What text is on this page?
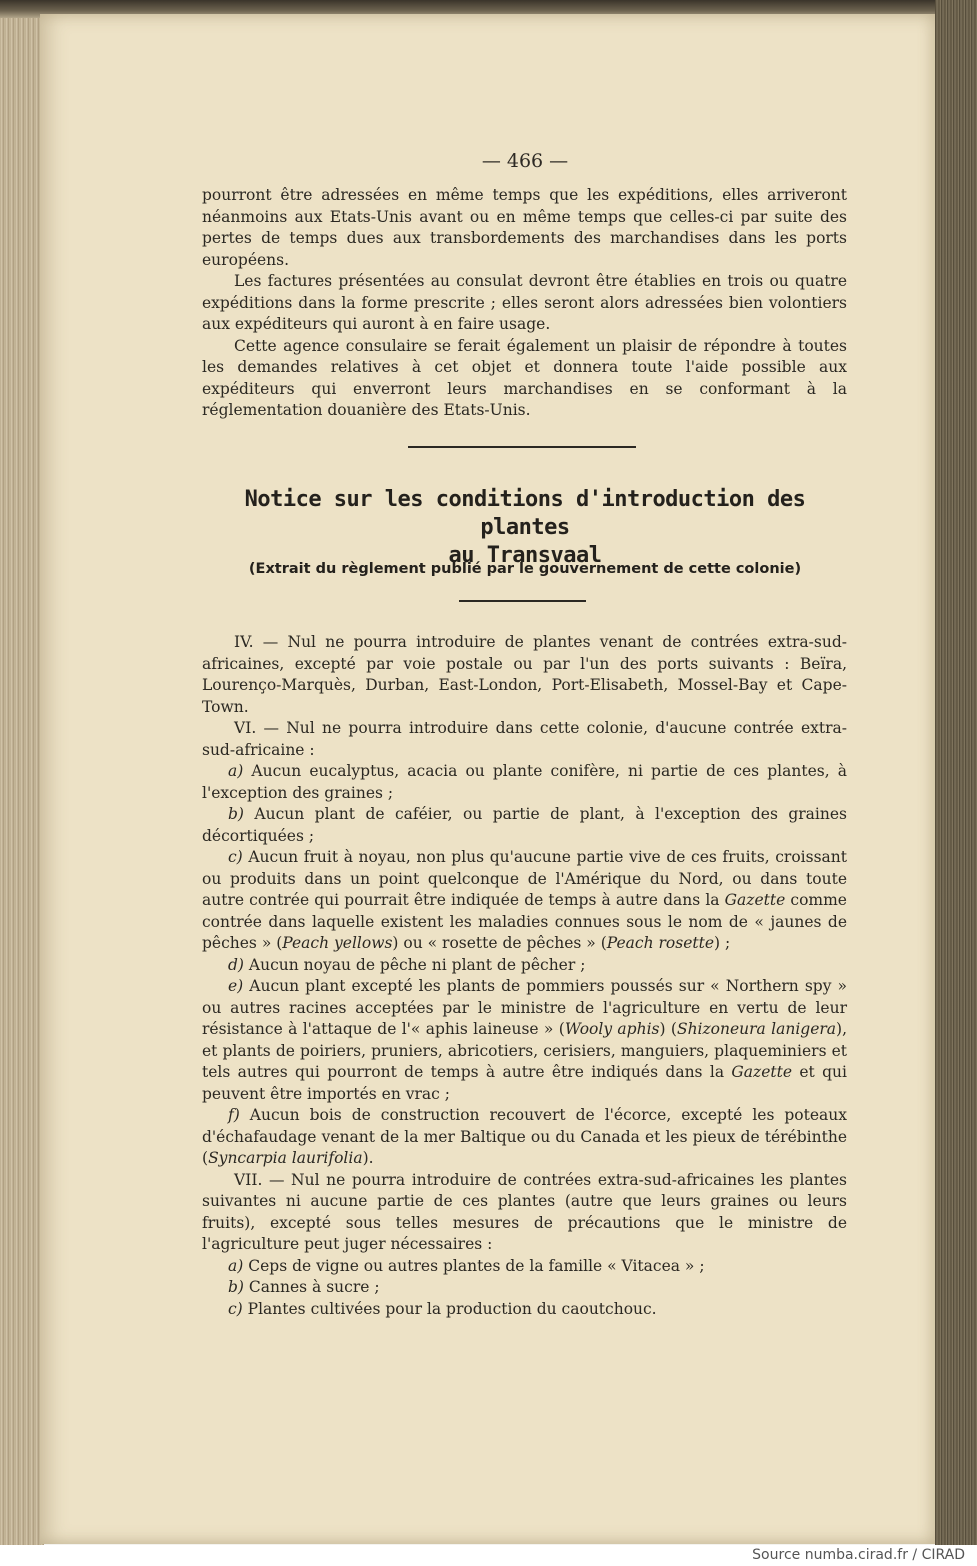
— 466 —

pourront être adressées en même temps que les expéditions, elles arriveront néanmoins aux Etats-Unis avant ou en même temps que celles-ci par suite des pertes de temps dues aux transbordements des marchandises dans les ports européens.

Les factures présentées au consulat devront être établies en trois ou quatre expéditions dans la forme prescrite ; elles seront alors adressées bien volontiers aux expéditeurs qui auront à en faire usage.

Cette agence consulaire se ferait également un plaisir de répondre à toutes les demandes relatives à cet objet et donnera toute l'aide possible aux expéditeurs qui enverront leurs marchandises en se conformant à la réglementation douanière des Etats-Unis.

Notice sur les conditions d'introduction des plantes
au Transvaal
(Extrait du règlement publié par le gouvernement de cette colonie)

IV. — Nul ne pourra introduire de plantes venant de contrées extra-sud-africaines, excepté par voie postale ou par l'un des ports suivants : Beïra, Lourenço-Marquès, Durban, East-London, Port-Elisabeth, Mossel-Bay et Cape-Town.

VI. — Nul ne pourra introduire dans cette colonie, d'aucune contrée extra-sud-africaine :

a) Aucun eucalyptus, acacia ou plante conifère, ni partie de ces plantes, à l'exception des graines ;

b) Aucun plant de caféier, ou partie de plant, à l'exception des graines décortiquées ;

c) Aucun fruit à noyau, non plus qu'aucune partie vive de ces fruits, croissant ou produits dans un point quelconque de l'Amérique du Nord, ou dans toute autre contrée qui pourrait être indiquée de temps à autre dans la Gazette comme contrée dans laquelle existent les maladies connues sous le nom de « jaunes de pêches » (Peach yellows) ou « rosette de pêches » (Peach rosette) ;

d) Aucun noyau de pêche ni plant de pêcher ;

e) Aucun plant excepté les plants de pommiers poussés sur « Northern spy » ou autres racines acceptées par le ministre de l'agriculture en vertu de leur résistance à l'attaque de l'« aphis laineuse » (Wooly aphis) (Shizoneura lanigera), et plants de poiriers, pruniers, abricotiers, cerisiers, manguiers, plaqueminiers et tels autres qui pourront de temps à autre être indiqués dans la Gazette et qui peuvent être importés en vrac ;

f) Aucun bois de construction recouvert de l'écorce, excepté les poteaux d'échafaudage venant de la mer Baltique ou du Canada et les pieux de térébinthe (Syncarpia laurifolia).

VII. — Nul ne pourra introduire de contrées extra-sud-africaines les plantes suivantes ni aucune partie de ces plantes (autre que leurs graines ou leurs fruits), excepté sous telles mesures de précautions que le ministre de l'agriculture peut juger nécessaires :

a) Ceps de vigne ou autres plantes de la famille « Vitacea » ;

b) Cannes à sucre ;

c) Plantes cultivées pour la production du caoutchouc.

Source numba.cirad.fr / CIRAD
